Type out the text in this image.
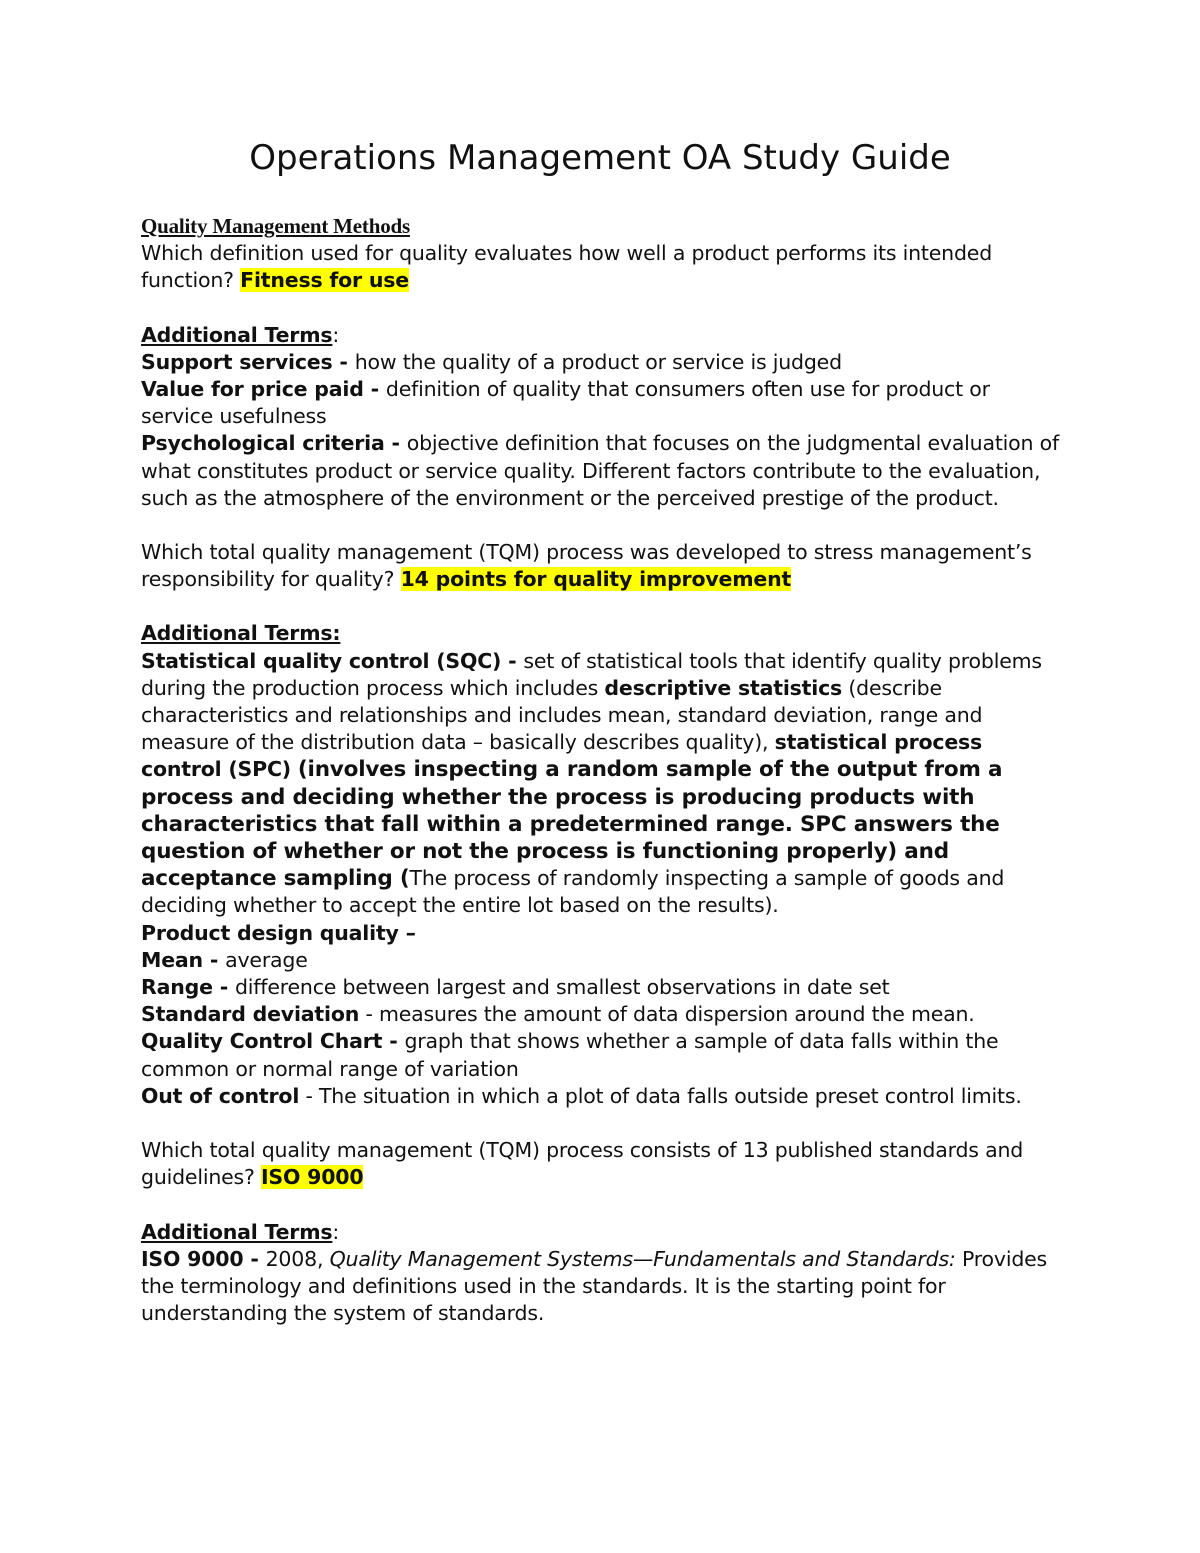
Operations Management OA Study Guide

Quality Management Methods

Which definition used for quality evaluates how well a product performs its intended function? Fitness for use

Additional Terms:

Support services - how the quality of a product or service is judged

Value for price paid - definition of quality that consumers often use for product or service usefulness

Psychological criteria - objective definition that focuses on the judgmental evaluation of what constitutes product or service quality. Different factors contribute to the evaluation, such as the atmosphere of the environment or the perceived prestige of the product.

Which total quality management (TQM) process was developed to stress management’s responsibility for quality? 14 points for quality improvement

Additional Terms:

Statistical quality control (SQC) - set of statistical tools that identify quality problems during the production process which includes descriptive statistics (describe characteristics and relationships and includes mean, standard deviation, range and measure of the distribution data – basically describes quality), statistical process control (SPC) (involves inspecting a random sample of the output from a process and deciding whether the process is producing products with characteristics that fall within a predetermined range. SPC answers the question of whether or not the process is functioning properly) and acceptance sampling (The process of randomly inspecting a sample of goods and deciding whether to accept the entire lot based on the results).

Product design quality –

Mean - average

Range - difference between largest and smallest observations in date set

Standard deviation - measures the amount of data dispersion around the mean.

Quality Control Chart - graph that shows whether a sample of data falls within the common or normal range of variation

Out of control - The situation in which a plot of data falls outside preset control limits.

Which total quality management (TQM) process consists of 13 published standards and guidelines? ISO 9000

Additional Terms:

ISO 9000 - 2008, Quality Management Systems—Fundamentals and Standards: Provides the terminology and definitions used in the standards. It is the starting point for understanding the system of standards.
